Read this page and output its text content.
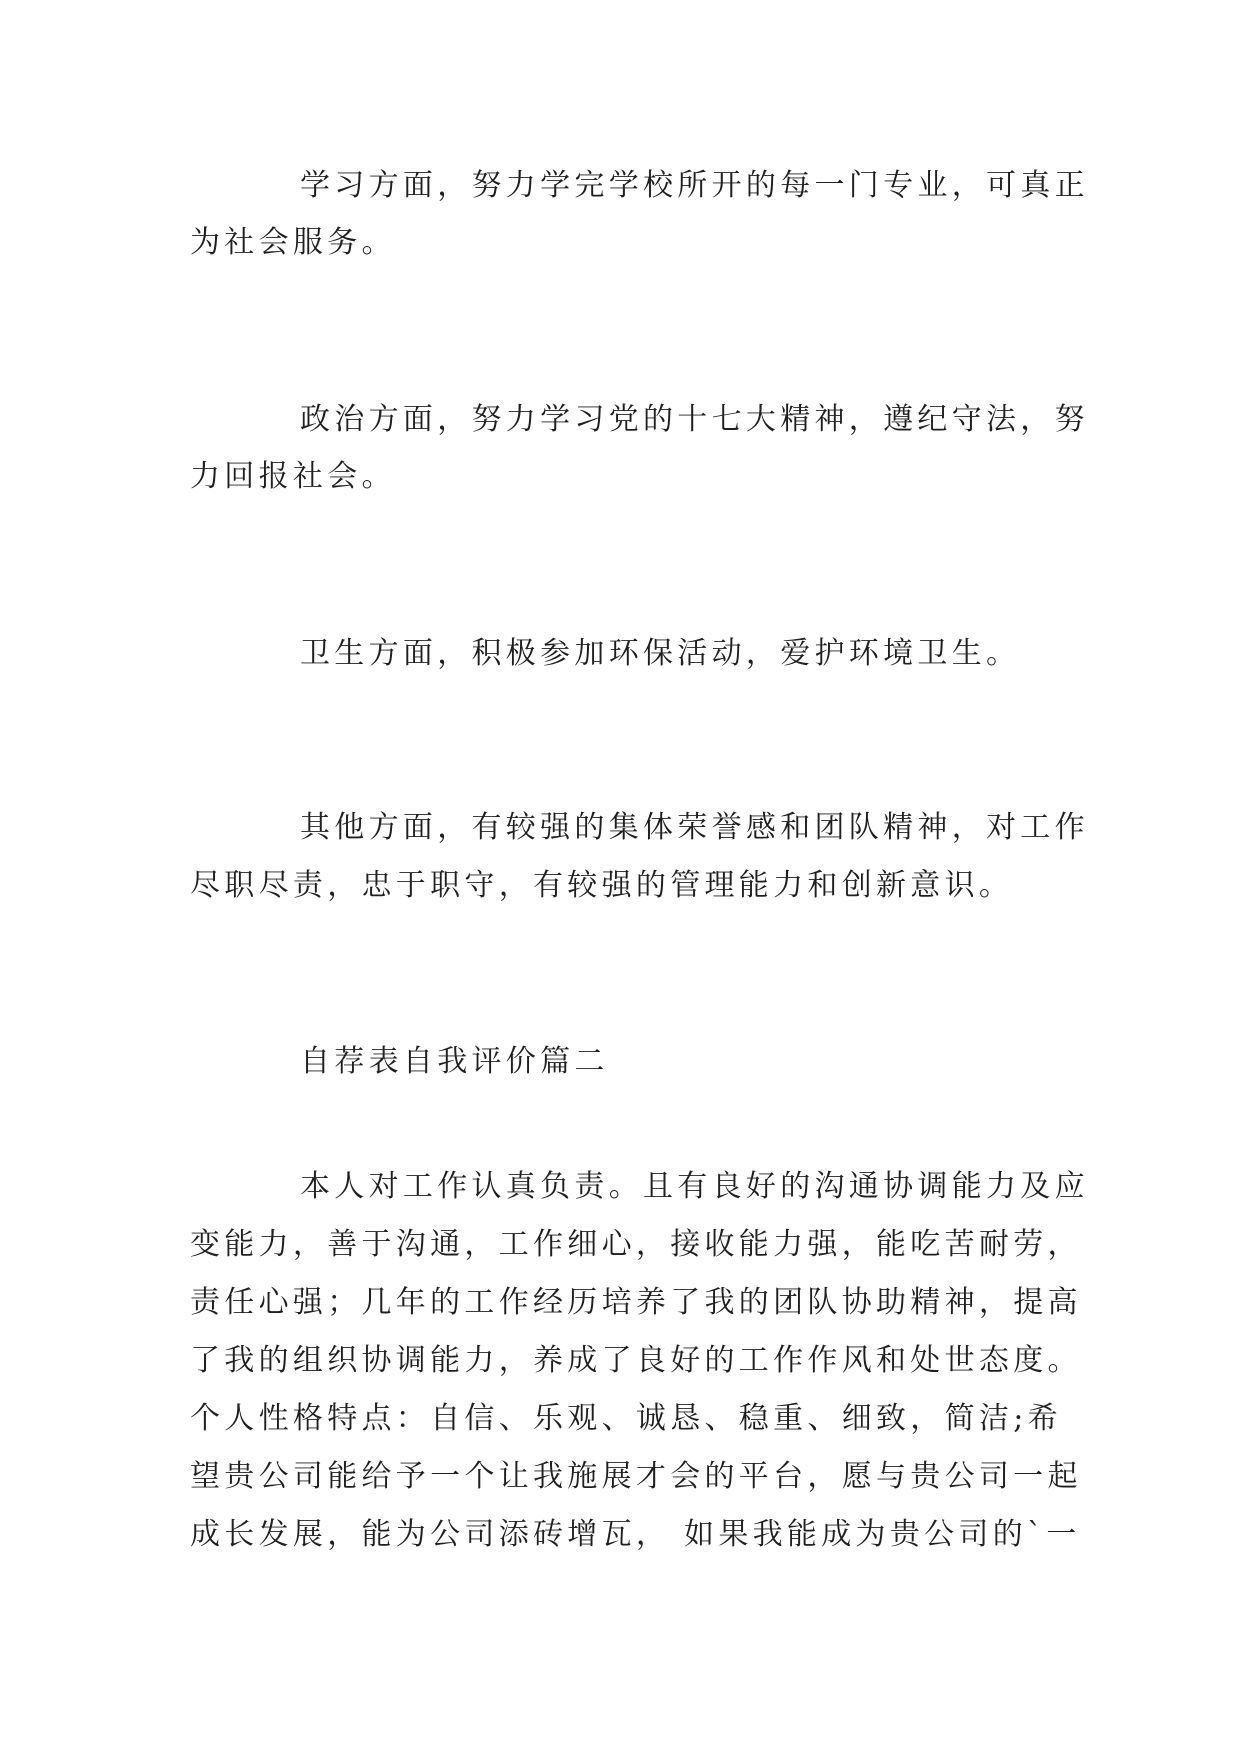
学习方面，努力学完学校所开的每一门专业，可真正

为社会服务。

政治方面，努力学习党的十七大精神，遵纪守法，努

力回报社会。

卫生方面，积极参加环保活动，爱护环境卫生。

其他方面，有较强的集体荣誉感和团队精神，对工作

尽职尽责，忠于职守，有较强的管理能力和创新意识。

自荐表自我评价篇二

本人对工作认真负责。且有良好的沟通协调能力及应

变能力，善于沟通，工作细心，接收能力强，能吃苦耐劳，

责任心强；几年的工作经历培养了我的团队协助精神，提高

了我的组织协调能力，养成了良好的工作作风和处世态度。

个人性格特点：自信、乐观、诚恳、稳重、细致，简洁;希

望贵公司能给予一个让我施展才会的平台，愿与贵公司一起

成长发展，能为公司添砖增瓦， 如果我能成为贵公司的`一
